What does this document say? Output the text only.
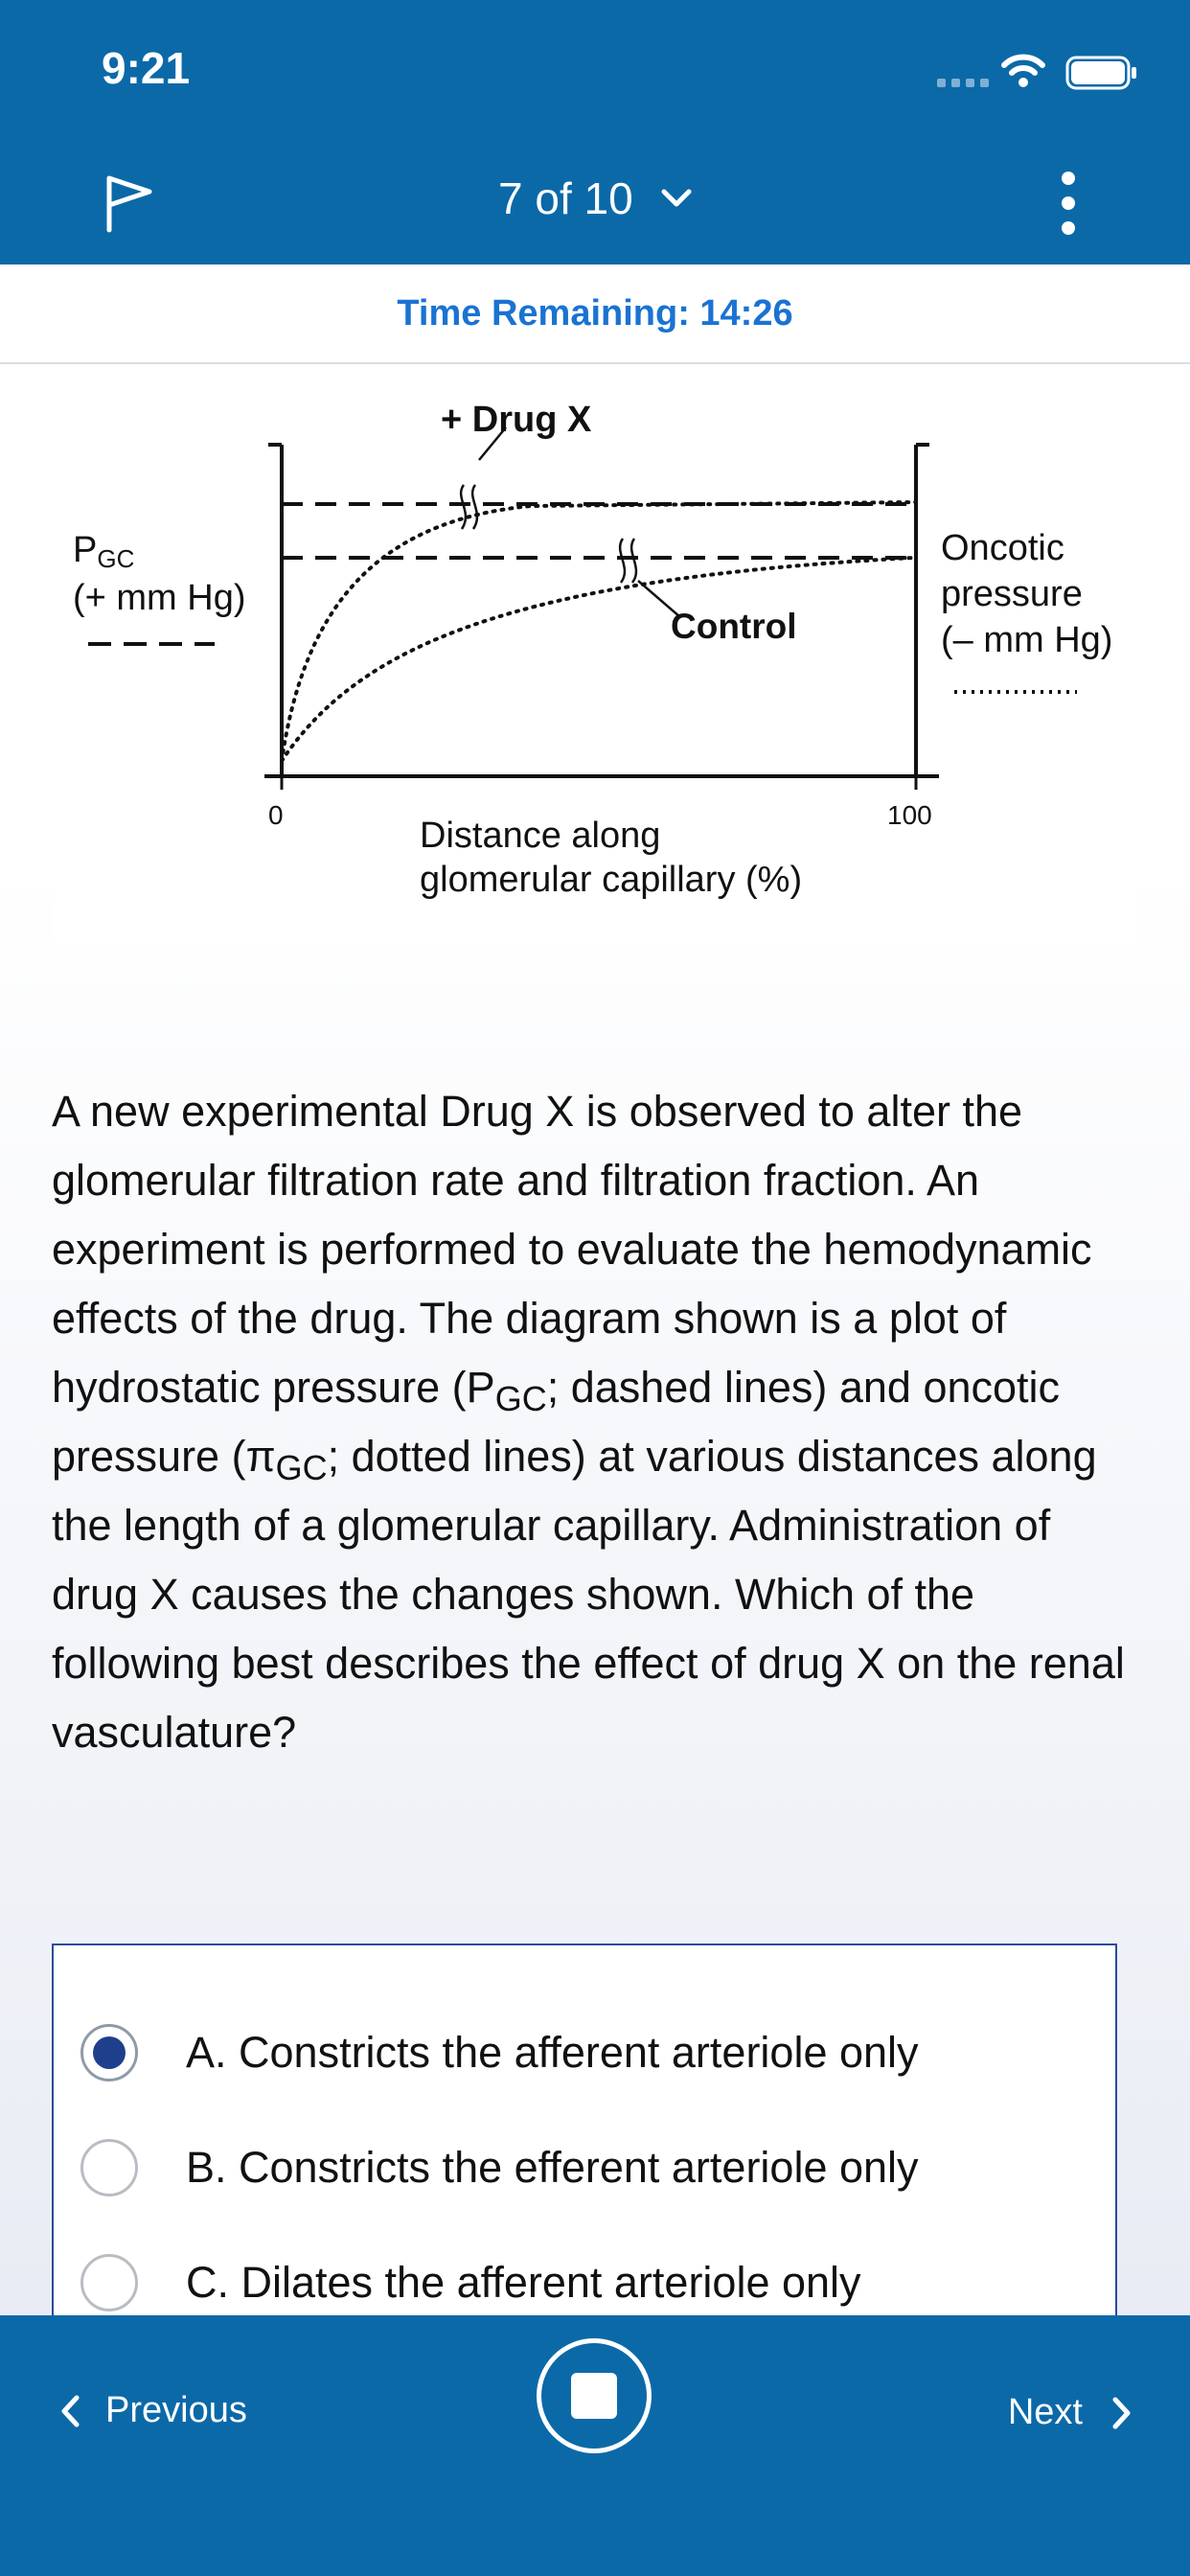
9:21
7 of 10
Time Remaining: 14:26
+ Drug X
Control
PGC
(+ mm Hg)
Oncotic
pressure
(– mm Hg)
0	100
Distance along
glomerular capillary (%)
A new experimental Drug X is observed to alter the glomerular filtration rate and filtration fraction. An experiment is performed to evaluate the hemodynamic effects of the drug. The diagram shown is a plot of hydrostatic pressure ($P_{GC}$; dashed lines) and oncotic pressure ($\pi_{GC}$; dotted lines) at various distances along the length of a glomerular capillary. Administration of drug X causes the changes shown. Which of the following best describes the effect of drug X on the renal vasculature?
A. Constricts the afferent arteriole only
B. Constricts the efferent arteriole only
C. Dilates the afferent arteriole only
Previous	Next
